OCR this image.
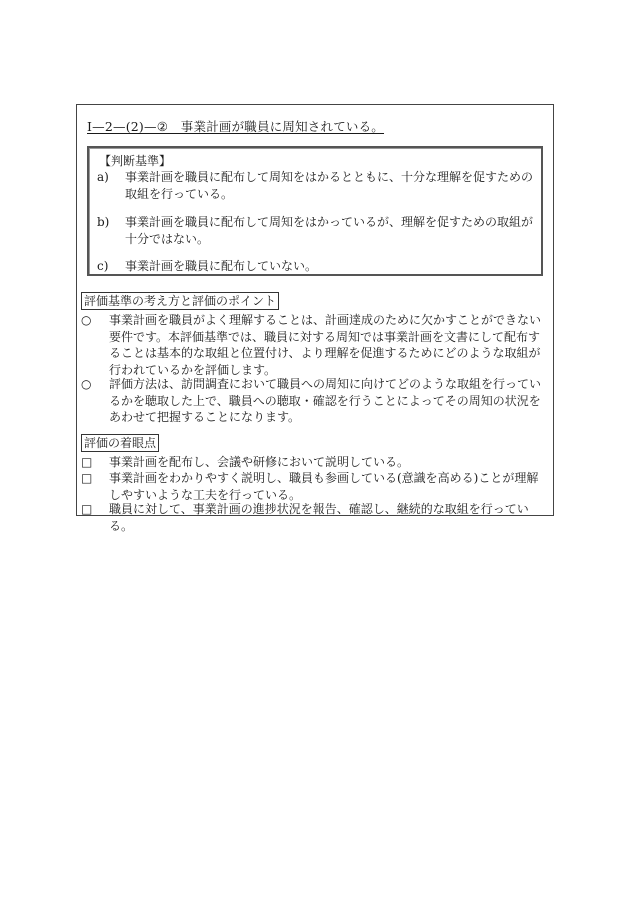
Ⅰ—2—(2)—②　事業計画が職員に周知されている。
【判断基準】
a) 事業計画を職員に配布して周知をはかるとともに、十分な理解を促すための取組を行っている。
b) 事業計画を職員に配布して周知をはかっているが、理解を促すための取組が十分ではない。
c) 事業計画を職員に配布していない。
評価基準の考え方と評価のポイント
○ 事業計画を職員がよく理解することは、計画達成のために欠かすことができない要件です。本評価基準では、職員に対する周知では事業計画を文書にして配布することは基本的な取組と位置付け、より理解を促進するためにどのような取組が行われているかを評価します。
○ 評価方法は、訪問調査において職員への周知に向けてどのような取組を行っているかを聴取した上で、職員への聴取・確認を行うことによってその周知の状況をあわせて把握することになります。
評価の着眼点
□ 事業計画を配布し、会議や研修において説明している。
□ 事業計画をわかりやすく説明し、職員も参画している(意識を高める)ことが理解しやすいような工夫を行っている。
□ 職員に対して、事業計画の進捗状況を報告、確認し、継続的な取組を行っている。
